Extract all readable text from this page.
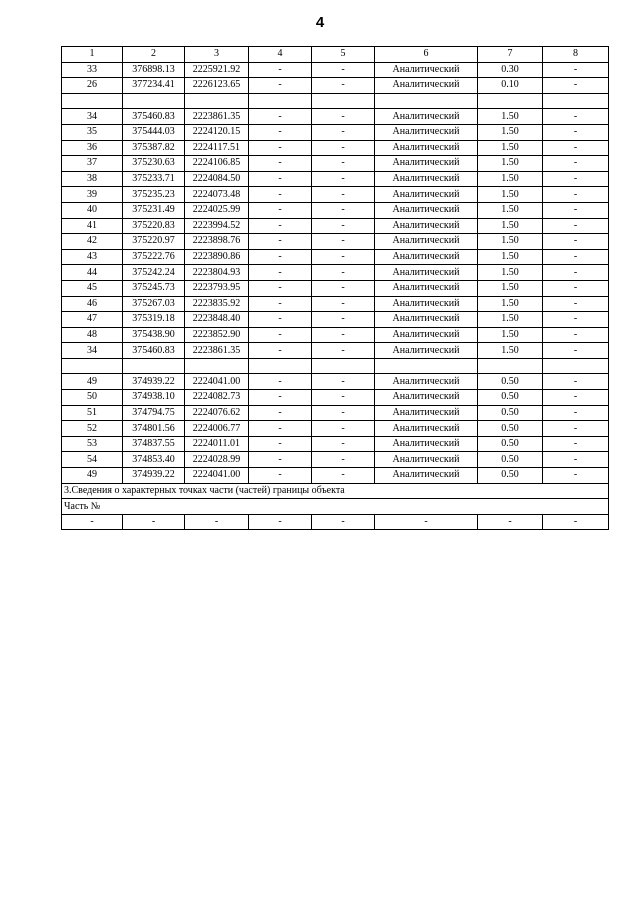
4
1	2	3	4	5	6	7	8
33	376898.13	2225921.92	-	-	Аналитический	0.30	-
26	377234.41	2226123.65	-	-	Аналитический	0.10	-

34	375460.83	2223861.35	-	-	Аналитический	1.50	-
35	375444.03	2224120.15	-	-	Аналитический	1.50	-
36	375387.82	2224117.51	-	-	Аналитический	1.50	-
37	375230.63	2224106.85	-	-	Аналитический	1.50	-
38	375233.71	2224084.50	-	-	Аналитический	1.50	-
39	375235.23	2224073.48	-	-	Аналитический	1.50	-
40	375231.49	2224025.99	-	-	Аналитический	1.50	-
41	375220.83	2223994.52	-	-	Аналитический	1.50	-
42	375220.97	2223898.76	-	-	Аналитический	1.50	-
43	375222.76	2223890.86	-	-	Аналитический	1.50	-
44	375242.24	2223804.93	-	-	Аналитический	1.50	-
45	375245.73	2223793.95	-	-	Аналитический	1.50	-
46	375267.03	2223835.92	-	-	Аналитический	1.50	-
47	375319.18	2223848.40	-	-	Аналитический	1.50	-
48	375438.90	2223852.90	-	-	Аналитический	1.50	-
34	375460.83	2223861.35	-	-	Аналитический	1.50	-

49	374939.22	2224041.00	-	-	Аналитический	0.50	-
50	374938.10	2224082.73	-	-	Аналитический	0.50	-
51	374794.75	2224076.62	-	-	Аналитический	0.50	-
52	374801.56	2224006.77	-	-	Аналитический	0.50	-
53	374837.55	2224011.01	-	-	Аналитический	0.50	-
54	374853.40	2224028.99	-	-	Аналитический	0.50	-
49	374939.22	2224041.00	-	-	Аналитический	0.50	-
3.Сведения о характерных точках части (частей) границы объекта							
Часть №							
-	-	-	-	-	-	-	-
